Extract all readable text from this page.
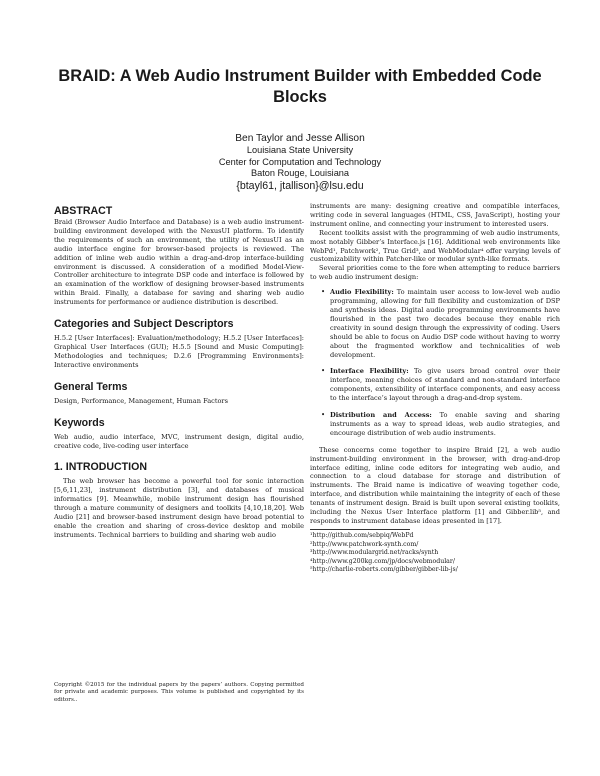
BRAID: A Web Audio Instrument Builder with Embedded Code Blocks
Ben Taylor and Jesse Allison
Louisiana State University
Center for Computation and Technology
Baton Rouge, Louisiana
{btayl61, jtallison}@lsu.edu
ABSTRACT

Braid (Browser Audio Interface and Database) is a web audio instrument-building environment developed with the NexusUI platform. To identify the requirements of such an environment, the utility of NexusUI as an audio interface engine for browser-based projects is reviewed. The addition of inline web audio within a drag-and-drop interface-building environment is discussed. A consideration of a modified Model-View-Controller architecture to integrate DSP code and interface is followed by an examination of the workflow of designing browser-based instruments within Braid. Finally, a database for saving and sharing web audio instruments for performance or audience distribution is described.

Categories and Subject Descriptors

H.5.2 [User Interfaces]: Evaluation/methodology; H.5.2 [User Interfaces]: Graphical User Interfaces (GUI); H.5.5 [Sound and Music Computing]: Methodologies and techniques; D.2.6 [Programming Environments]: Interactive environments

General Terms

Design, Performance, Management, Human Factors

Keywords

Web audio, audio interface, MVC, instrument design, digital audio, creative code, live-coding user interface

1. INTRODUCTION

The web browser has become a powerful tool for sonic interaction [5,6,11,23], instrument distribution [3], and databases of musical informatics [9]. Meanwhile, mobile instrument design has flourished through a mature community of designers and toolkits [4,10,18,20]. Web Audio [21] and browser-based instrument design have broad potential to enable the creation and sharing of cross-device desktop and mobile instruments. Technical barriers to building and sharing web audio

Copyright ©2015 for the individual papers by the papers’ authors. Copying permitted for private and academic purposes. This volume is published and copyrighted by its editors..

instruments are many: designing creative and compatible interfaces, writing code in several languages (HTML, CSS, JavaScript), hosting your instrument online, and connecting your instrument to interested users.

Recent toolkits assist with the programming of web audio instruments, most notably Gibber’s Interface.js [16]. Additional web environments like WebPd¹, Patchwork², True Grid³, and WebModular⁴ offer varying levels of customizability within Patcher-like or modular synth-like formats.

Several priorities come to the fore when attempting to reduce barriers to web audio instrument design:

• Audio Flexibility: To maintain user access to low-level web audio programming, allowing for full flexibility and customization of DSP and synthesis ideas. Digital audio programming environments have flourished in the past two decades because they enable rich creativity in sound design through the expressivity of coding. Users should be able to focus on Audio DSP code without having to worry about the fragmented workflow and technicalities of web development.

• Interface Flexibility: To give users broad control over their interface, meaning choices of standard and non-standard interface components, extensibility of interface components, and easy access to the interface’s layout through a drag-and-drop system.

• Distribution and Access: To enable saving and sharing instruments as a way to spread ideas, web audio strategies, and encourage distribution of web audio instruments.

These concerns come together to inspire Braid [2], a web audio instrument-building environment in the browser, with drag-and-drop interface editing, inline code editors for integrating web audio, and connection to a cloud database for storage and distribution of instruments. The Braid name is indicative of weaving together code, interface, and distribution while maintaining the integrity of each of these tenants of instrument design. Braid is built upon several existing toolkits, including the Nexus User Interface platform [1] and Gibber.lib⁵, and responds to instrument database ideas presented in [17].

¹http://github.com/sebpiq/WebPd
²http://www.patchwork-synth.com/
³http://www.modulargrid.net/racks/synth
⁴http://www.g200kg.com/jp/docs/webmodular/
⁵http://charlie-roberts.com/gibber/gibber-lib-js/
